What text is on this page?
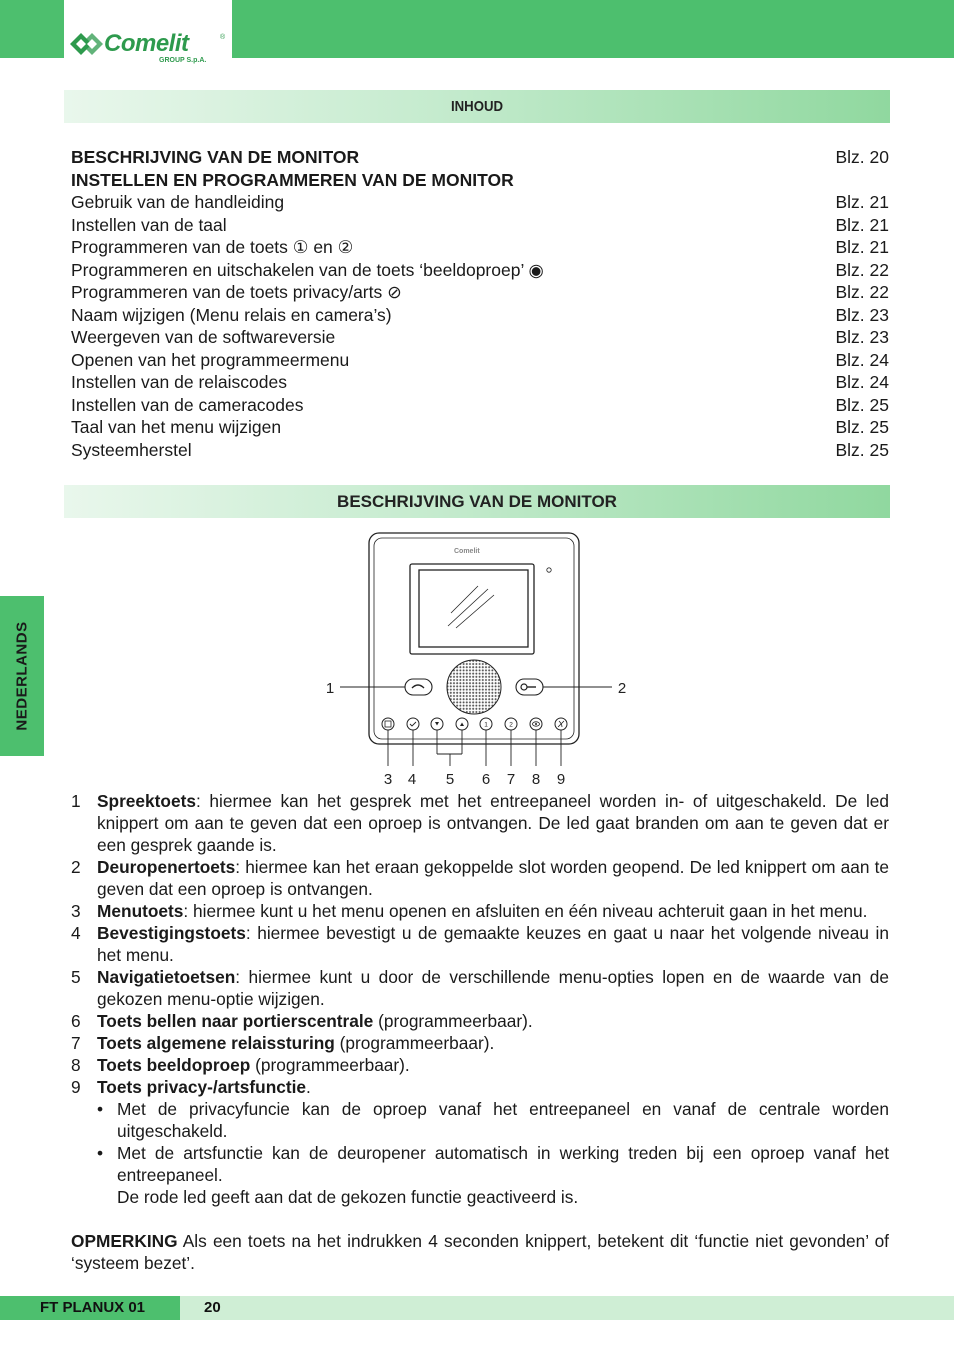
Comelit	®
GROUP S.p.A.
INHOUD
BESCHRIJVING VAN DE MONITOR	Blz. 20
INSTELLEN EN PROGRAMMEREN VAN DE MONITOR
Gebruik van de handleiding	Blz. 21
Instellen van de taal	Blz. 21
Programmeren van de toets ① en ②	Blz. 21
Programmeren en uitschakelen van de toets ‘beeldoproep’ ◉	Blz. 22
Programmeren van de toets privacy/arts ⊘	Blz. 22
Naam wijzigen (Menu relais en camera’s)	Blz. 23
Weergeven van de softwareversie	Blz. 23
Openen van het programmeermenu	Blz. 24
Instellen van de relaiscodes	Blz. 24
Instellen van de cameracodes	Blz. 25
Taal van het menu wijzigen	Blz. 25
Systeemherstel	Blz. 25
NEDERLANDS
BESCHRIJVING VAN DE MONITOR
Comelit
1	2
1	2
3 4 5 6 7 8 9
1 Spreektoets: hiermee kan het gesprek met het entreepaneel worden in- of uitgeschakeld. De led knippert om aan te geven dat een oproep is ontvangen. De led gaat branden om aan te geven dat er een gesprek gaande is.
2 Deuropenertoets: hiermee kan het eraan gekoppelde slot worden geopend. De led knippert om aan te geven dat een oproep is ontvangen.
3 Menutoets: hiermee kunt u het menu openen en afsluiten en één niveau achteruit gaan in het menu.
4 Bevestigingstoets: hiermee bevestigt u de gemaakte keuzes en gaat u naar het volgende niveau in het menu.
5 Navigatietoetsen: hiermee kunt u door de verschillende menu-opties lopen en de waarde van de gekozen menu-optie wijzigen.
6 Toets bellen naar portierscentrale (programmeerbaar).
7 Toets algemene relaissturing (programmeerbaar).
8 Toets beeldoproep (programmeerbaar).
9 Toets privacy-/artsfunctie.
• Met de privacyfuncie kan de oproep vanaf het entreepaneel en vanaf de centrale worden uitgeschakeld.
• Met de artsfunctie kan de deuropener automatisch in werking treden bij een oproep vanaf het entreepaneel.
De rode led geeft aan dat de gekozen functie geactiveerd is.
OPMERKING Als een toets na het indrukken 4 seconden knippert, betekent dit ‘functie niet gevonden’ of ‘systeem bezet’.
FT PLANUX 01	20
